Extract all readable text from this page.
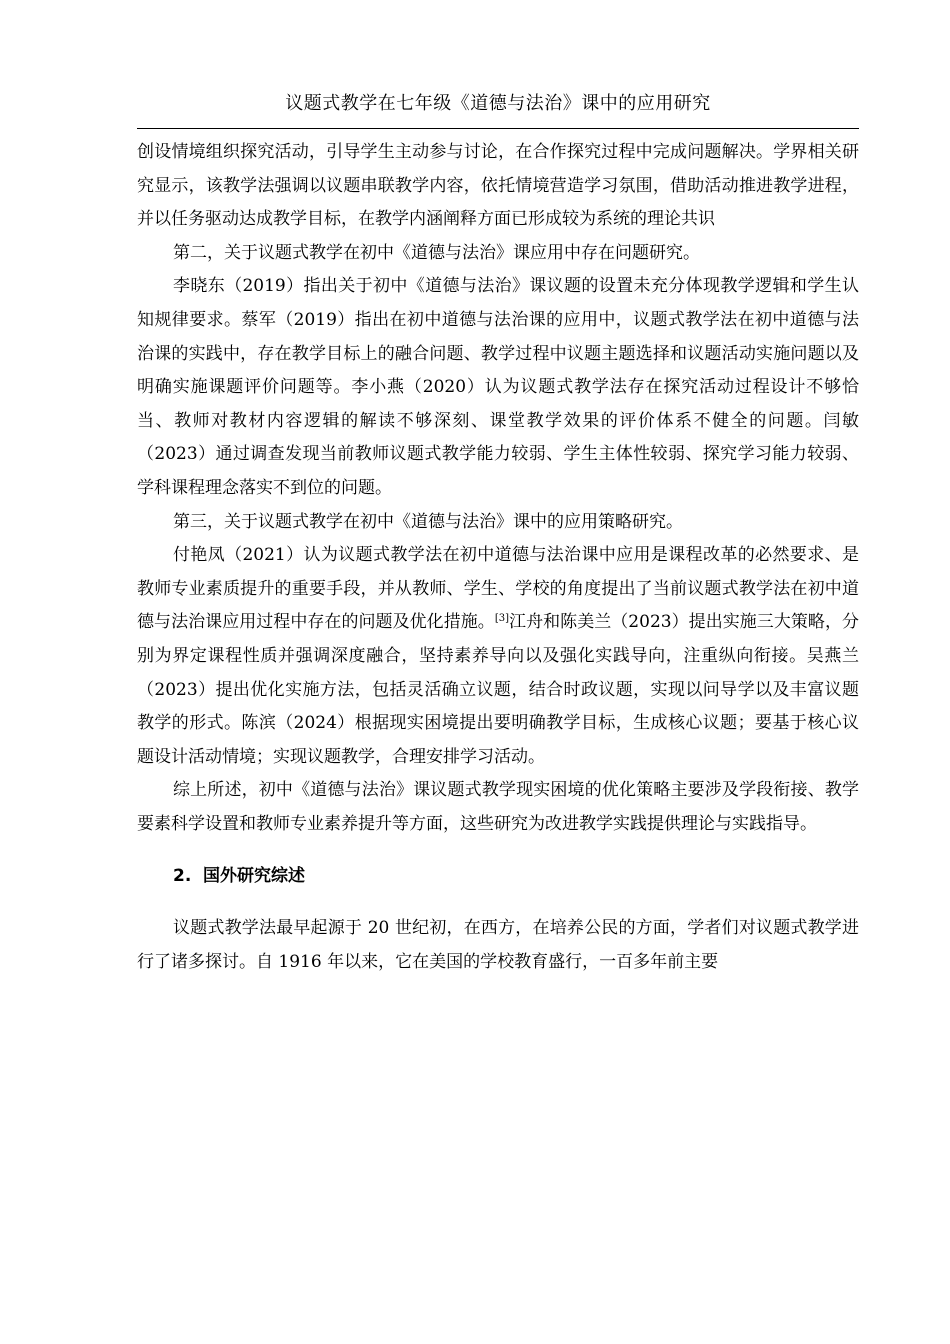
议题式教学在七年级《道德与法治》课中的应用研究

创设情境组织探究活动，引导学生主动参与讨论，在合作探究过程中完成问题解决。学界相关研究显示，该教学法强调以议题串联教学内容，依托情境营造学习氛围，借助活动推进教学进程，并以任务驱动达成教学目标，在教学内涵阐释方面已形成较为系统的理论共识

第二，关于议题式教学在初中《道德与法治》课应用中存在问题研究。

李晓东（2019）指出关于初中《道德与法治》课议题的设置未充分体现教学逻辑和学生认知规律要求。蔡军（2019）指出在初中道德与法治课的应用中，议题式教学法在初中道德与法治课的实践中，存在教学目标上的融合问题、教学过程中议题主题选择和议题活动实施问题以及明确实施课题评价问题等。李小燕（2020）认为议题式教学法存在探究活动过程设计不够恰当、教师对教材内容逻辑的解读不够深刻、课堂教学效果的评价体系不健全的问题。闫敏（2023）通过调查发现当前教师议题式教学能力较弱、学生主体性较弱、探究学习能力较弱、学科课程理念落实不到位的问题。

第三，关于议题式教学在初中《道德与法治》课中的应用策略研究。

付艳凤（2021）认为议题式教学法在初中道德与法治课中应用是课程改革的必然要求、是教师专业素质提升的重要手段，并从教师、学生、学校的角度提出了当前议题式教学法在初中道德与法治课应用过程中存在的问题及优化措施。[3]江舟和陈美兰（2023）提出实施三大策略，分别为界定课程性质并强调深度融合，坚持素养导向以及强化实践导向，注重纵向衔接。吴燕兰（2023）提出优化实施方法，包括灵活确立议题，结合时政议题，实现以问导学以及丰富议题教学的形式。陈滨（2024）根据现实困境提出要明确教学目标，生成核心议题；要基于核心议题设计活动情境；实现议题教学，合理安排学习活动。

综上所述，初中《道德与法治》课议题式教学现实困境的优化策略主要涉及学段衔接、教学要素科学设置和教师专业素养提升等方面，这些研究为改进教学实践提供理论与实践指导。

2. 国外研究综述

议题式教学法最早起源于 20 世纪初，在西方，在培养公民的方面，学者们对议题式教学进行了诸多探讨。自 1916 年以来，它在美国的学校教育盛行，一百多年前主要
